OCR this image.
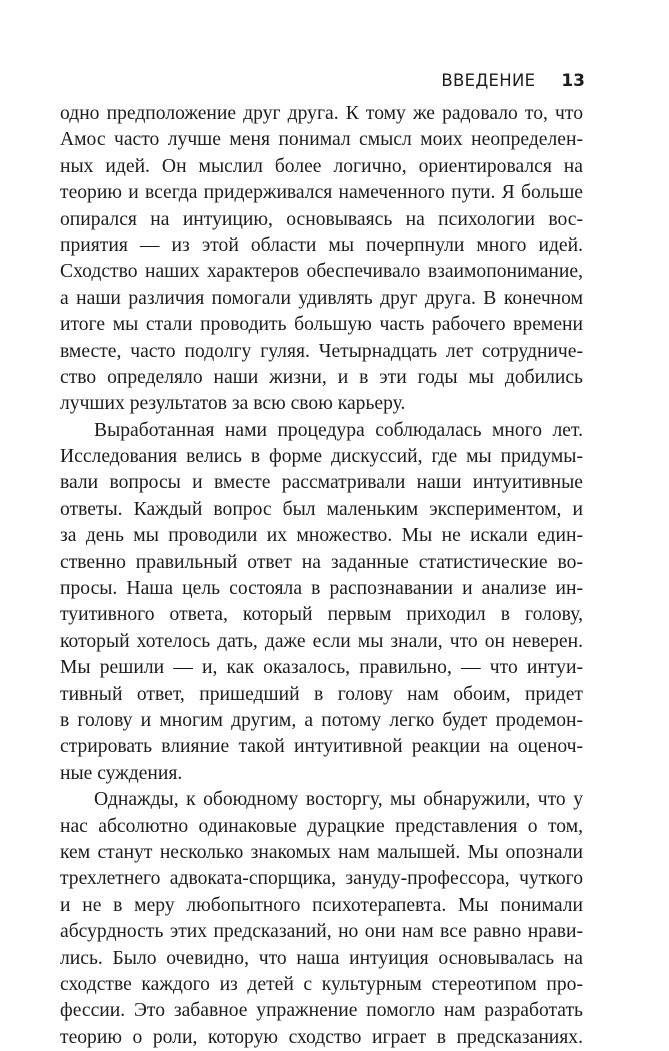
ВВЕДЕНИЕ 13
одно предположение друг друга. К тому же радовало то, что
Амос часто лучше меня понимал смысл моих неопределен-
ных идей. Он мыслил более логично, ориентировался на
теорию и всегда придерживался намеченного пути. Я больше
опирался на интуицию, основываясь на психологии вос-
приятия — из этой области мы почерпнули много идей.
Сходство наших характеров обеспечивало взаимопонимание,
а наши различия помогали удивлять друг друга. В конечном
итоге мы стали проводить большую часть рабочего времени
вместе, часто подолгу гуляя. Четырнадцать лет сотрудниче-
ство определяло наши жизни, и в эти годы мы добились
лучших результатов за всю свою карьеру.
Выработанная нами процедура соблюдалась много лет.
Исследования велись в форме дискуссий, где мы придумы-
вали вопросы и вместе рассматривали наши интуитивные
ответы. Каждый вопрос был маленьким экспериментом, и
за день мы проводили их множество. Мы не искали един-
ственно правильный ответ на заданные статистические во-
просы. Наша цель состояла в распознавании и анализе ин-
туитивного ответа, который первым приходил в голову,
который хотелось дать, даже если мы знали, что он неверен.
Мы решили — и, как оказалось, правильно, — что интуи-
тивный ответ, пришедший в голову нам обоим, придет
в голову и многим другим, а потому легко будет продемон-
стрировать влияние такой интуитивной реакции на оценоч-
ные суждения.
Однажды, к обоюдному восторгу, мы обнаружили, что у
нас абсолютно одинаковые дурацкие представления о том,
кем станут несколько знакомых нам малышей. Мы опознали
трехлетнего адвоката-спорщика, зануду-профессора, чуткого
и не в меру любопытного психотерапевта. Мы понимали
абсурдность этих предсказаний, но они нам все равно нрави-
лись. Было очевидно, что наша интуиция основывалась на
сходстве каждого из детей с культурным стереотипом про-
фессии. Это забавное упражнение помогло нам разработать
теорию о роли, которую сходство играет в предсказаниях.
